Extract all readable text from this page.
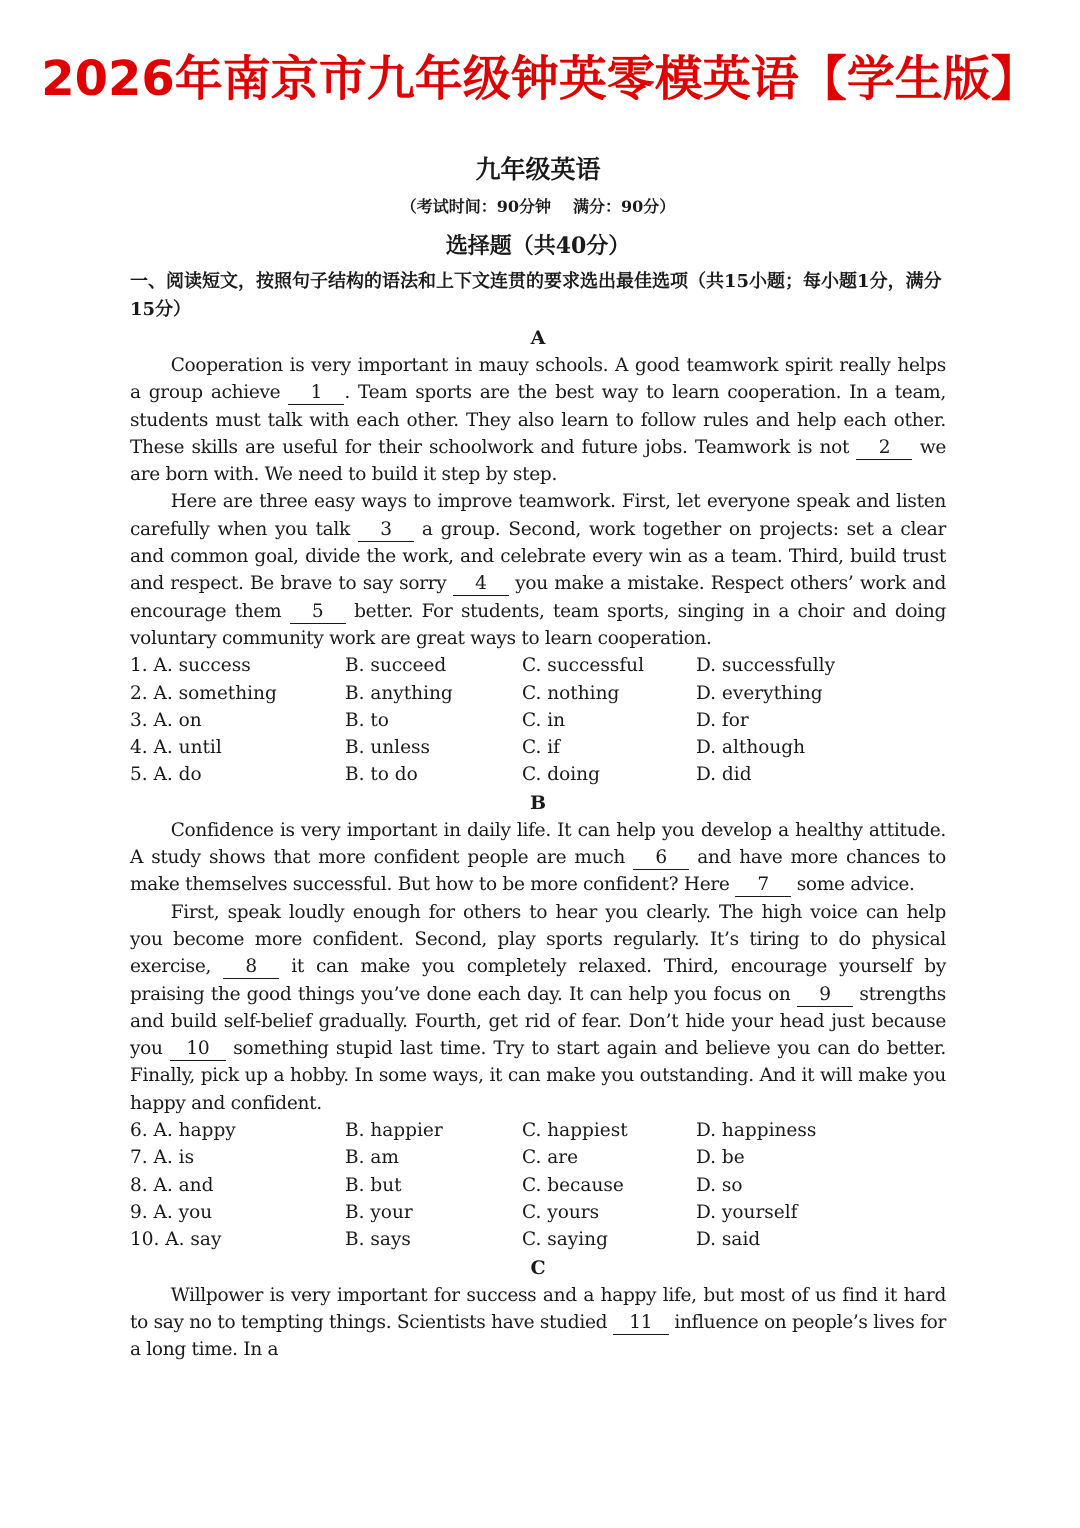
2026年南京市九年级钟英零模英语【学生版】
九年级英语
（考试时间：90分钟 满分：90分）
选择题（共40分）
一、阅读短文，按照句子结构的语法和上下文连贯的要求选出最佳选项（共15小题；每小题1分，满分15分）
A

Cooperation is very important in mauy schools. A good teamwork spirit really helps a group achieve 1 . Team sports are the best way to learn cooperation. In a team, students must talk with each other. They also learn to follow rules and help each other. These skills are useful for their schoolwork and future jobs. Teamwork is not 2 we are born with. We need to build it step by step.

Here are three easy ways to improve teamwork. First, let everyone speak and listen carefully when you talk 3 a group. Second, work together on projects: set a clear and common goal, divide the work, and celebrate every win as a team. Third, build trust and respect. Be brave to say sorry 4 you make a mistake. Respect others’ work and encourage them 5 better. For students, team sports, singing in a choir and doing voluntary community work are great ways to learn cooperation.

1. A. success	B. succeed	C. successful	D. successfully
2. A. something	B. anything	C. nothing	D. everything
3. A. on	B. to	C. in	D. for
4. A. until	B. unless	C. if	D. although
5. A. do	B. to do	C. doing	D. did
B

Confidence is very important in daily life. It can help you develop a healthy attitude. A study shows that more confident people are much 6 and have more chances to make themselves successful. But how to be more confident? Here 7 some advice.

First, speak loudly enough for others to hear you clearly. The high voice can help you become more confident. Second, play sports regularly. It’s tiring to do physical exercise, 8 it can make you completely relaxed. Third, encourage yourself by praising the good things you’ve done each day. It can help you focus on 9 strengths and build self-belief gradually. Fourth, get rid of fear. Don’t hide your head just because you 10 something stupid last time. Try to start again and believe you can do better. Finally, pick up a hobby. In some ways, it can make you outstanding. And it will make you happy and confident.

6. A. happy	B. happier	C. happiest	D. happiness
7. A. is	B. am	C. are	D. be
8. A. and	B. but	C. because	D. so
9. A. you	B. your	C. yours	D. yourself
10. A. say	B. says	C. saying	D. said
C

Willpower is very important for success and a happy life, but most of us find it hard to say no to tempting things. Scientists have studied 11 influence on people’s lives for a long time. In a
